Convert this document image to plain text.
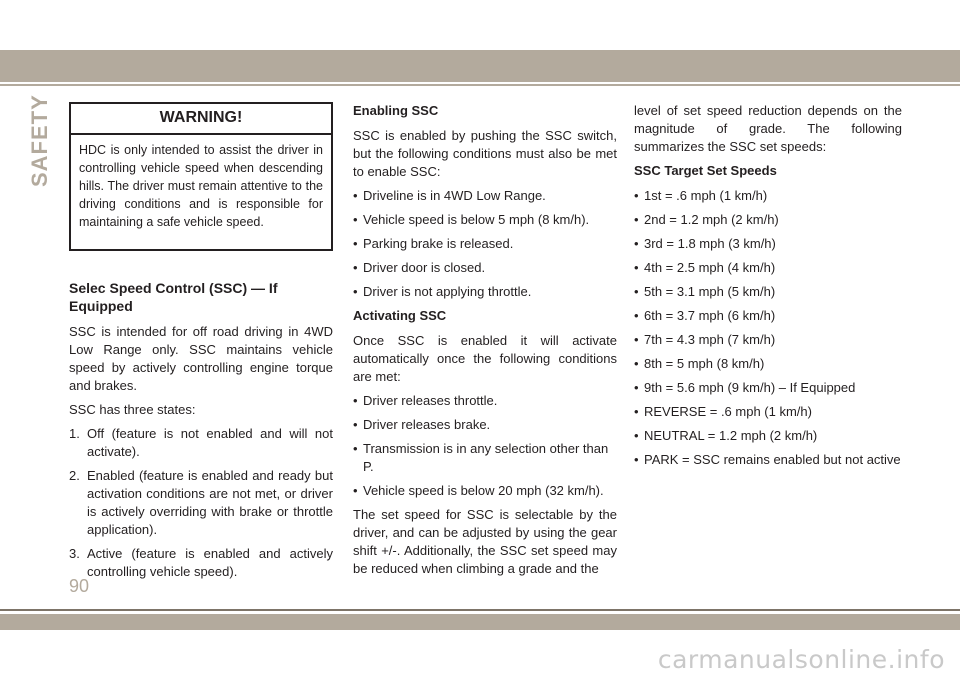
SAFETY	WARNING!
HDC is only intended to assist the driver in controlling vehicle speed when descending hills. The driver must remain attentive to the driving conditions and is responsible for maintaining a safe vehicle speed.
Selec Speed Control (SSC) — If Equipped

SSC is intended for off road driving in 4WD Low Range only. SSC maintains vehicle speed by actively controlling engine torque and brakes.

SSC has three states:

1. Off (feature is not enabled and will not activate).
2. Enabled (feature is enabled and ready but activation conditions are not met, or driver is actively overriding with brake or throttle application).
3. Active (feature is enabled and actively controlling vehicle speed).
Enabling SSC

SSC is enabled by pushing the SSC switch, but the following conditions must also be met to enable SSC:

• Driveline is in 4WD Low Range.
• Vehicle speed is below 5 mph (8 km/h).
• Parking brake is released.
• Driver door is closed.
• Driver is not applying throttle.
Activating SSC

Once SSC is enabled it will activate automatically once the following conditions are met:

• Driver releases throttle.
• Driver releases brake.
• Transmission is in any selection other than P.
• Vehicle speed is below 20 mph (32 km/h).

The set speed for SSC is selectable by the driver, and can be adjusted by using the gear shift +/-. Additionally, the SSC set speed may be reduced when climbing a grade and the

level of set speed reduction depends on the magnitude of grade. The following summarizes the SSC set speeds:

SSC Target Set Speeds
• 1st = .6 mph (1 km/h)
• 2nd = 1.2 mph (2 km/h)
• 3rd = 1.8 mph (3 km/h)
• 4th = 2.5 mph (4 km/h)
• 5th = 3.1 mph (5 km/h)
• 6th = 3.7 mph (6 km/h)
• 7th = 4.3 mph (7 km/h)
• 8th = 5 mph (8 km/h)
• 9th = 5.6 mph (9 km/h) – If Equipped
• REVERSE = .6 mph (1 km/h)
• NEUTRAL = 1.2 mph (2 km/h)
• PARK = SSC remains enabled but not active
90
carmanualsonline.info
